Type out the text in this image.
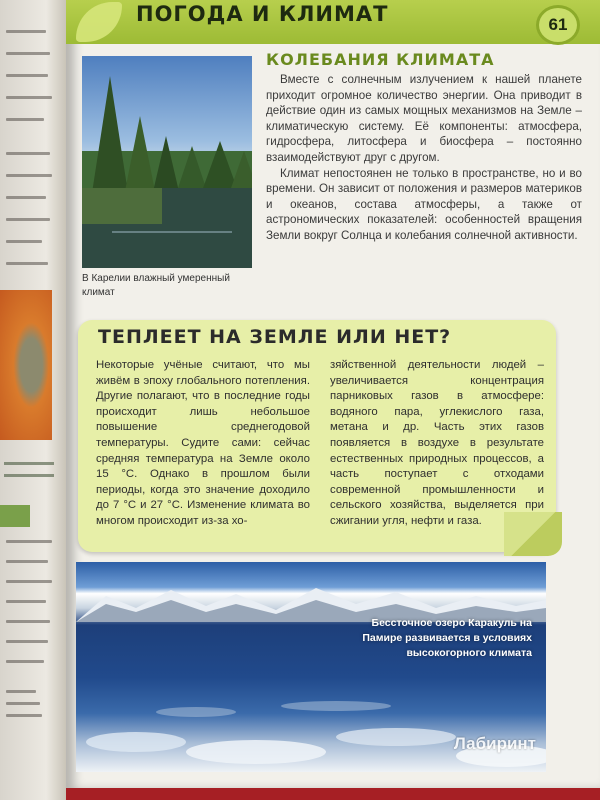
ПОГОДА И КЛИМАТ	61
В Карелии влажный умеренный климат
КОЛЕБАНИЯ КЛИМАТА

Вместе с солнечным излучением к нашей планете приходит огромное количество энергии. Она приводит в действие один из самых мощных механизмов на Земле – климатическую систему. Её компоненты: атмосфера, гидросфера, литосфера и биосфера – постоянно взаимодействуют друг с другом.

Климат непостоянен не только в пространстве, но и во времени. Он зависит от положения и размеров материков и океанов, состава атмосферы, а также от астрономических показателей: особенностей вращения Земли вокруг Солнца и колебания солнечной активности.

ТЕПЛЕЕТ НА ЗЕМЛЕ ИЛИ НЕТ?

Некоторые учёные считают, что мы живём в эпоху глобального потепления. Другие полагают, что в последние годы происходит лишь небольшое повышение среднегодовой температуры. Судите сами: сейчас средняя температура на Земле около 15 °С. Однако в прошлом были периоды, когда это значение доходило до 7 °С и 27 °С. Изменение климата во многом происходит из-за хо-

зяйственной деятельности людей – увеличивается концентрация парниковых газов в атмосфере: водяного пара, углекислого газа, метана и др. Часть этих газов появляется в воздухе в результате естественных природных процессов, а часть поступает с отходами современной промышленности и сельского хозяйства, выделяется при сжигании угля, нефти и газа.

Бессточное озеро Каракуль на Памире развивается в условиях высокогорного климата
Лабиринт
